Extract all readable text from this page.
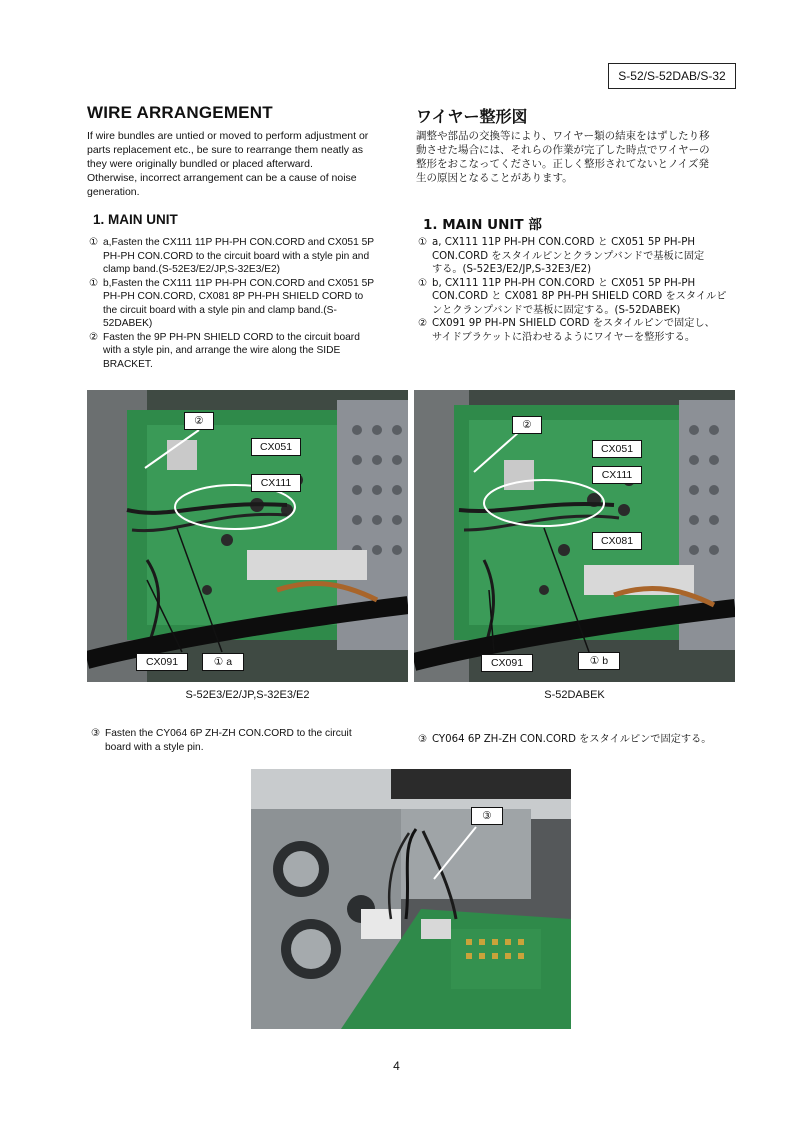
S-52/S-52DAB/S-32
WIRE ARRANGEMENT
If wire bundles are untied or moved to perform adjustment or
parts replacement etc., be sure to rearrange them neatly as
they were originally bundled or placed afterward.
Otherwise, incorrect arrangement can be a cause of noise
generation.
1. MAIN UNIT
① a,Fasten the CX111 11P PH-PH CON.CORD and CX051 5P
PH-PH CON.CORD to the circuit board with a style pin and
clamp band.(S-52E3/E2/JP,S-32E3/E2)
① b,Fasten the CX111 11P PH-PH CON.CORD and CX051 5P
PH-PH CON.CORD, CX081 8P PH-PH SHIELD CORD to
the circuit board with a style pin and clamp band.(S-
52DABEK)
② Fasten the 9P PH-PN SHIELD CORD to the circuit board
with a style pin, and arrange the wire along the SIDE
BRACKET.
ワイヤー整形図
調整や部品の交換等により、ワイヤー類の結束をはずしたり移
動させた場合には、それらの作業が完了した時点でワイヤーの
整形をおこなってください。正しく整形されてないとノイズ発
生の原因となることがあります。
1. MAIN UNIT 部
① a, CX111 11P PH-PH CON.CORD と CX051 5P PH-PH
CON.CORD をスタイルピンとクランプバンドで基板に固定
する。(S-52E3/E2/JP,S-32E3/E2)
① b, CX111 11P PH-PH CON.CORD と CX051 5P PH-PH
CON.CORD と CX081 8P PH-PH SHIELD CORD をスタイルピ
ンとクランプバンドで基板に固定する。(S-52DABEK)
② CX091 9P PH-PN SHIELD CORD をスタイルピンで固定し、
サイドブラケットに沿わせるようにワイヤーを整形する。
②
CX051
CX111
CX091	① a
S-52E3/E2/JP,S-32E3/E2
②
CX051
CX111
CX081
CX091	① b
S-52DABEK
③ Fasten the CY064 6P ZH-ZH CON.CORD to the circuit
board with a style pin.
③ CY064 6P ZH-ZH CON.CORD をスタイルピンで固定する。
③
4
